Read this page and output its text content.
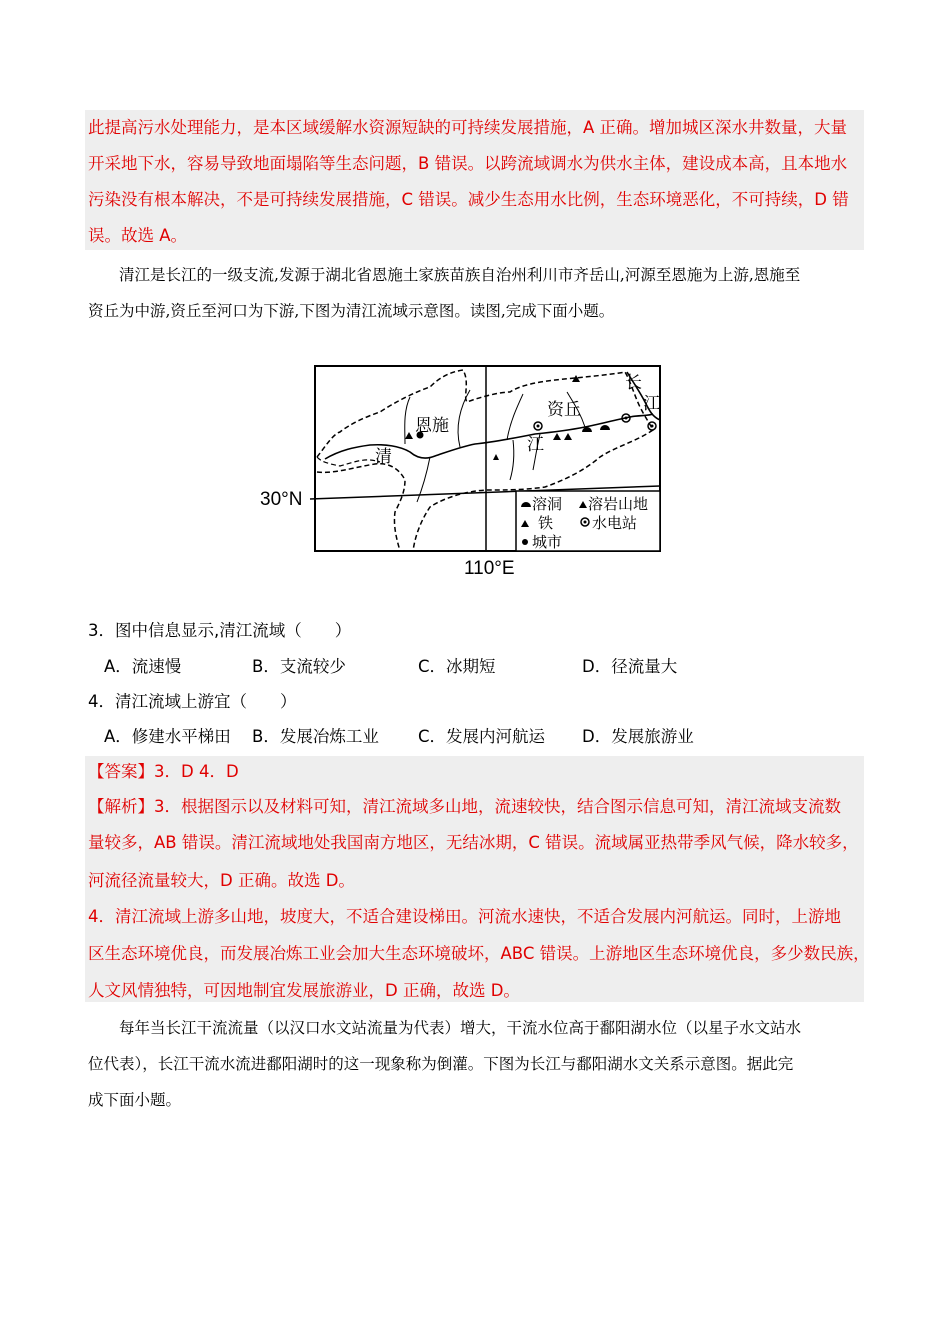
此提高污水处理能力，是本区域缓解水资源短缺的可持续发展措施，A 正确。增加城区深水井数量，大量
开采地下水，容易导致地面塌陷等生态问题，B 错误。以跨流域调水为供水主体，建设成本高，且本地水
污染没有根本解决，不是可持续发展措施，C 错误。减少生态用水比例，生态环境恶化，不可持续，D 错
误。故选 A。
清江是长江的一级支流,发源于湖北省恩施土家族苗族自治州利川市齐岳山,河源至恩施为上游,恩施至
资丘为中游,资丘至河口为下游,下图为清江流域示意图。读图,完成下面小题。
恩施
资丘
清
江
长
江
30°N
110°E
溶洞 溶岩山地
铁	水电站
城市
3．图中信息显示,清江流域（　　）
A．流速慢	B．支流较少	C．冰期短	D．径流量大
4．清江流域上游宜（　　）
A．修建水平梯田 B．发展冶炼工业 C．发展内河航运 D．发展旅游业
【答案】3．D 4．D
【解析】3．根据图示以及材料可知，清江流域多山地，流速较快，结合图示信息可知，清江流域支流数
量较多，AB 错误。清江流域地处我国南方地区，无结冰期，C 错误。流域属亚热带季风气候，降水较多，
河流径流量较大，D 正确。故选 D。
4．清江流域上游多山地，坡度大，不适合建设梯田。河流水速快，不适合发展内河航运。同时，上游地
区生态环境优良，而发展冶炼工业会加大生态环境破坏，ABC 错误。上游地区生态环境优良，多少数民族，
人文风情独特，可因地制宜发展旅游业，D 正确，故选 D。
每年当长江干流流量（以汉口水文站流量为代表）增大，干流水位高于鄱阳湖水位（以星子水文站水
位代表），长江干流水流进鄱阳湖时的这一现象称为倒灌。下图为长江与鄱阳湖水文关系示意图。据此完
成下面小题。
